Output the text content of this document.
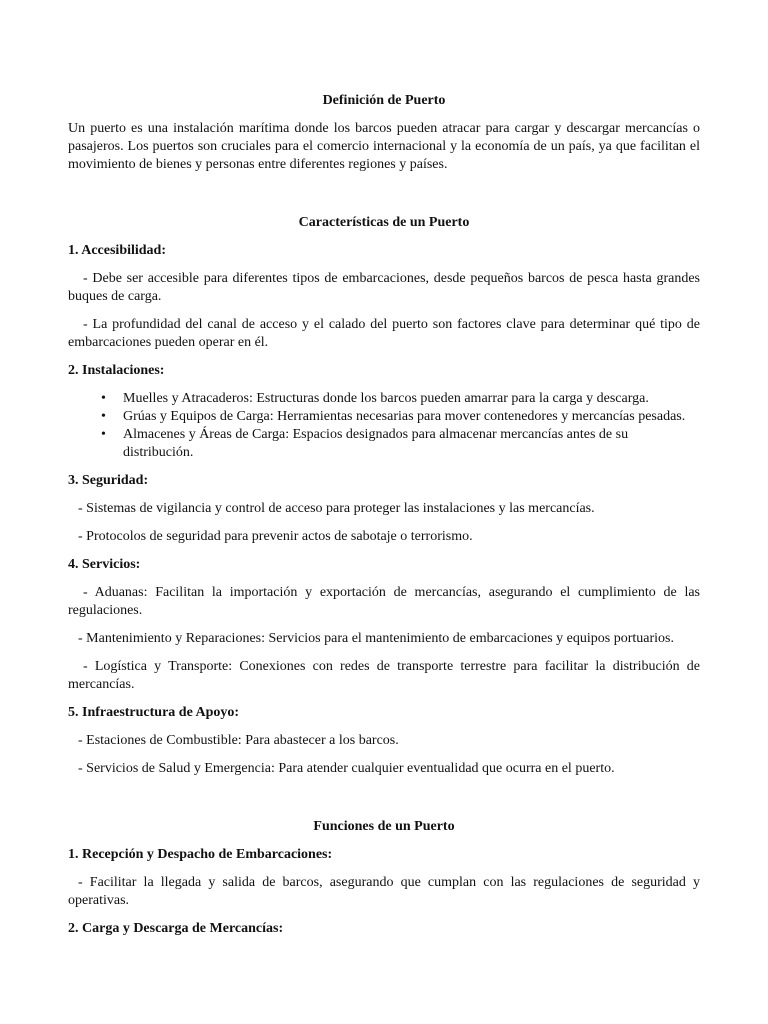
Definición de Puerto

Un puerto es una instalación marítima donde los barcos pueden atracar para cargar y descargar mercancías o pasajeros. Los puertos son cruciales para el comercio internacional y la economía de un país, ya que facilitan el movimiento de bienes y personas entre diferentes regiones y países.

Características de un Puerto
1. Accesibilidad:

- Debe ser accesible para diferentes tipos de embarcaciones, desde pequeños barcos de pesca hasta grandes buques de carga.

- La profundidad del canal de acceso y el calado del puerto son factores clave para determinar qué tipo de embarcaciones pueden operar en él.

2. Instalaciones:
• Muelles y Atracaderos: Estructuras donde los barcos pueden amarrar para la carga y descarga.
• Grúas y Equipos de Carga: Herramientas necesarias para mover contenedores y mercancías pesadas.
• Almacenes y Áreas de Carga: Espacios designados para almacenar mercancías antes de su distribución.
3. Seguridad:

- Sistemas de vigilancia y control de acceso para proteger las instalaciones y las mercancías.

- Protocolos de seguridad para prevenir actos de sabotaje o terrorismo.

4. Servicios:

- Aduanas: Facilitan la importación y exportación de mercancías, asegurando el cumplimiento de las regulaciones.

- Mantenimiento y Reparaciones: Servicios para el mantenimiento de embarcaciones y equipos portuarios.

- Logística y Transporte: Conexiones con redes de transporte terrestre para facilitar la distribución de mercancías.

5. Infraestructura de Apoyo:

- Estaciones de Combustible: Para abastecer a los barcos.

- Servicios de Salud y Emergencia: Para atender cualquier eventualidad que ocurra en el puerto.

Funciones de un Puerto
1. Recepción y Despacho de Embarcaciones:

- Facilitar la llegada y salida de barcos, asegurando que cumplan con las regulaciones de seguridad y operativas.

2. Carga y Descarga de Mercancías:
